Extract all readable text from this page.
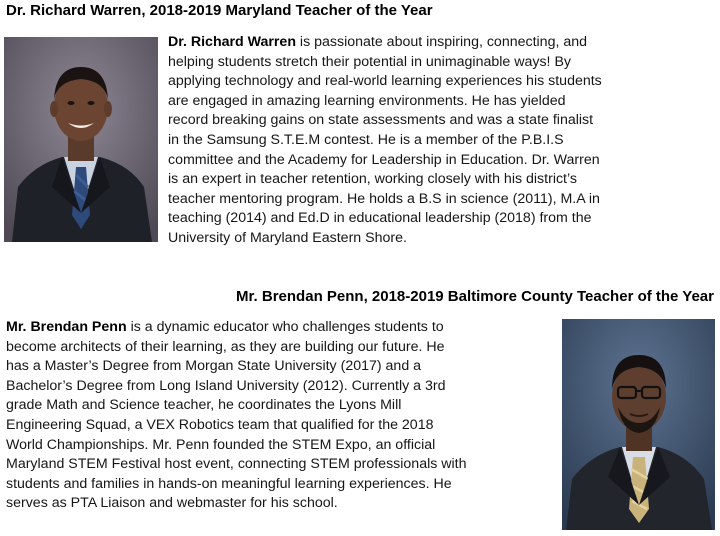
Dr. Richard Warren, 2018-2019 Maryland Teacher of the Year
Dr. Richard Warren is passionate about inspiring, connecting, and
helping students stretch their potential in unimaginable ways! By
applying technology and real-world learning experiences his students
are engaged in amazing learning environments. He has yielded
record breaking gains on state assessments and was a state finalist
in the Samsung S.T.E.M contest. He is a member of the P.B.I.S
committee and the Academy for Leadership in Education. Dr. Warren
is an expert in teacher retention, working closely with his district’s
teacher mentoring program. He holds a B.S in science (2011), M.A in
teaching (2014) and Ed.D in educational leadership (2018) from the
University of Maryland Eastern Shore.
Mr. Brendan Penn, 2018-2019 Baltimore County Teacher of the Year
Mr. Brendan Penn is a dynamic educator who challenges students to
become architects of their learning, as they are building our future. He
has a Master’s Degree from Morgan State University (2017) and a
Bachelor’s Degree from Long Island University (2012). Currently a 3rd
grade Math and Science teacher, he coordinates the Lyons Mill
Engineering Squad, a VEX Robotics team that qualified for the 2018
World Championships. Mr. Penn founded the STEM Expo, an official
Maryland STEM Festival host event, connecting STEM professionals with
students and families in hands-on meaningful learning experiences. He
serves as PTA Liaison and webmaster for his school.
